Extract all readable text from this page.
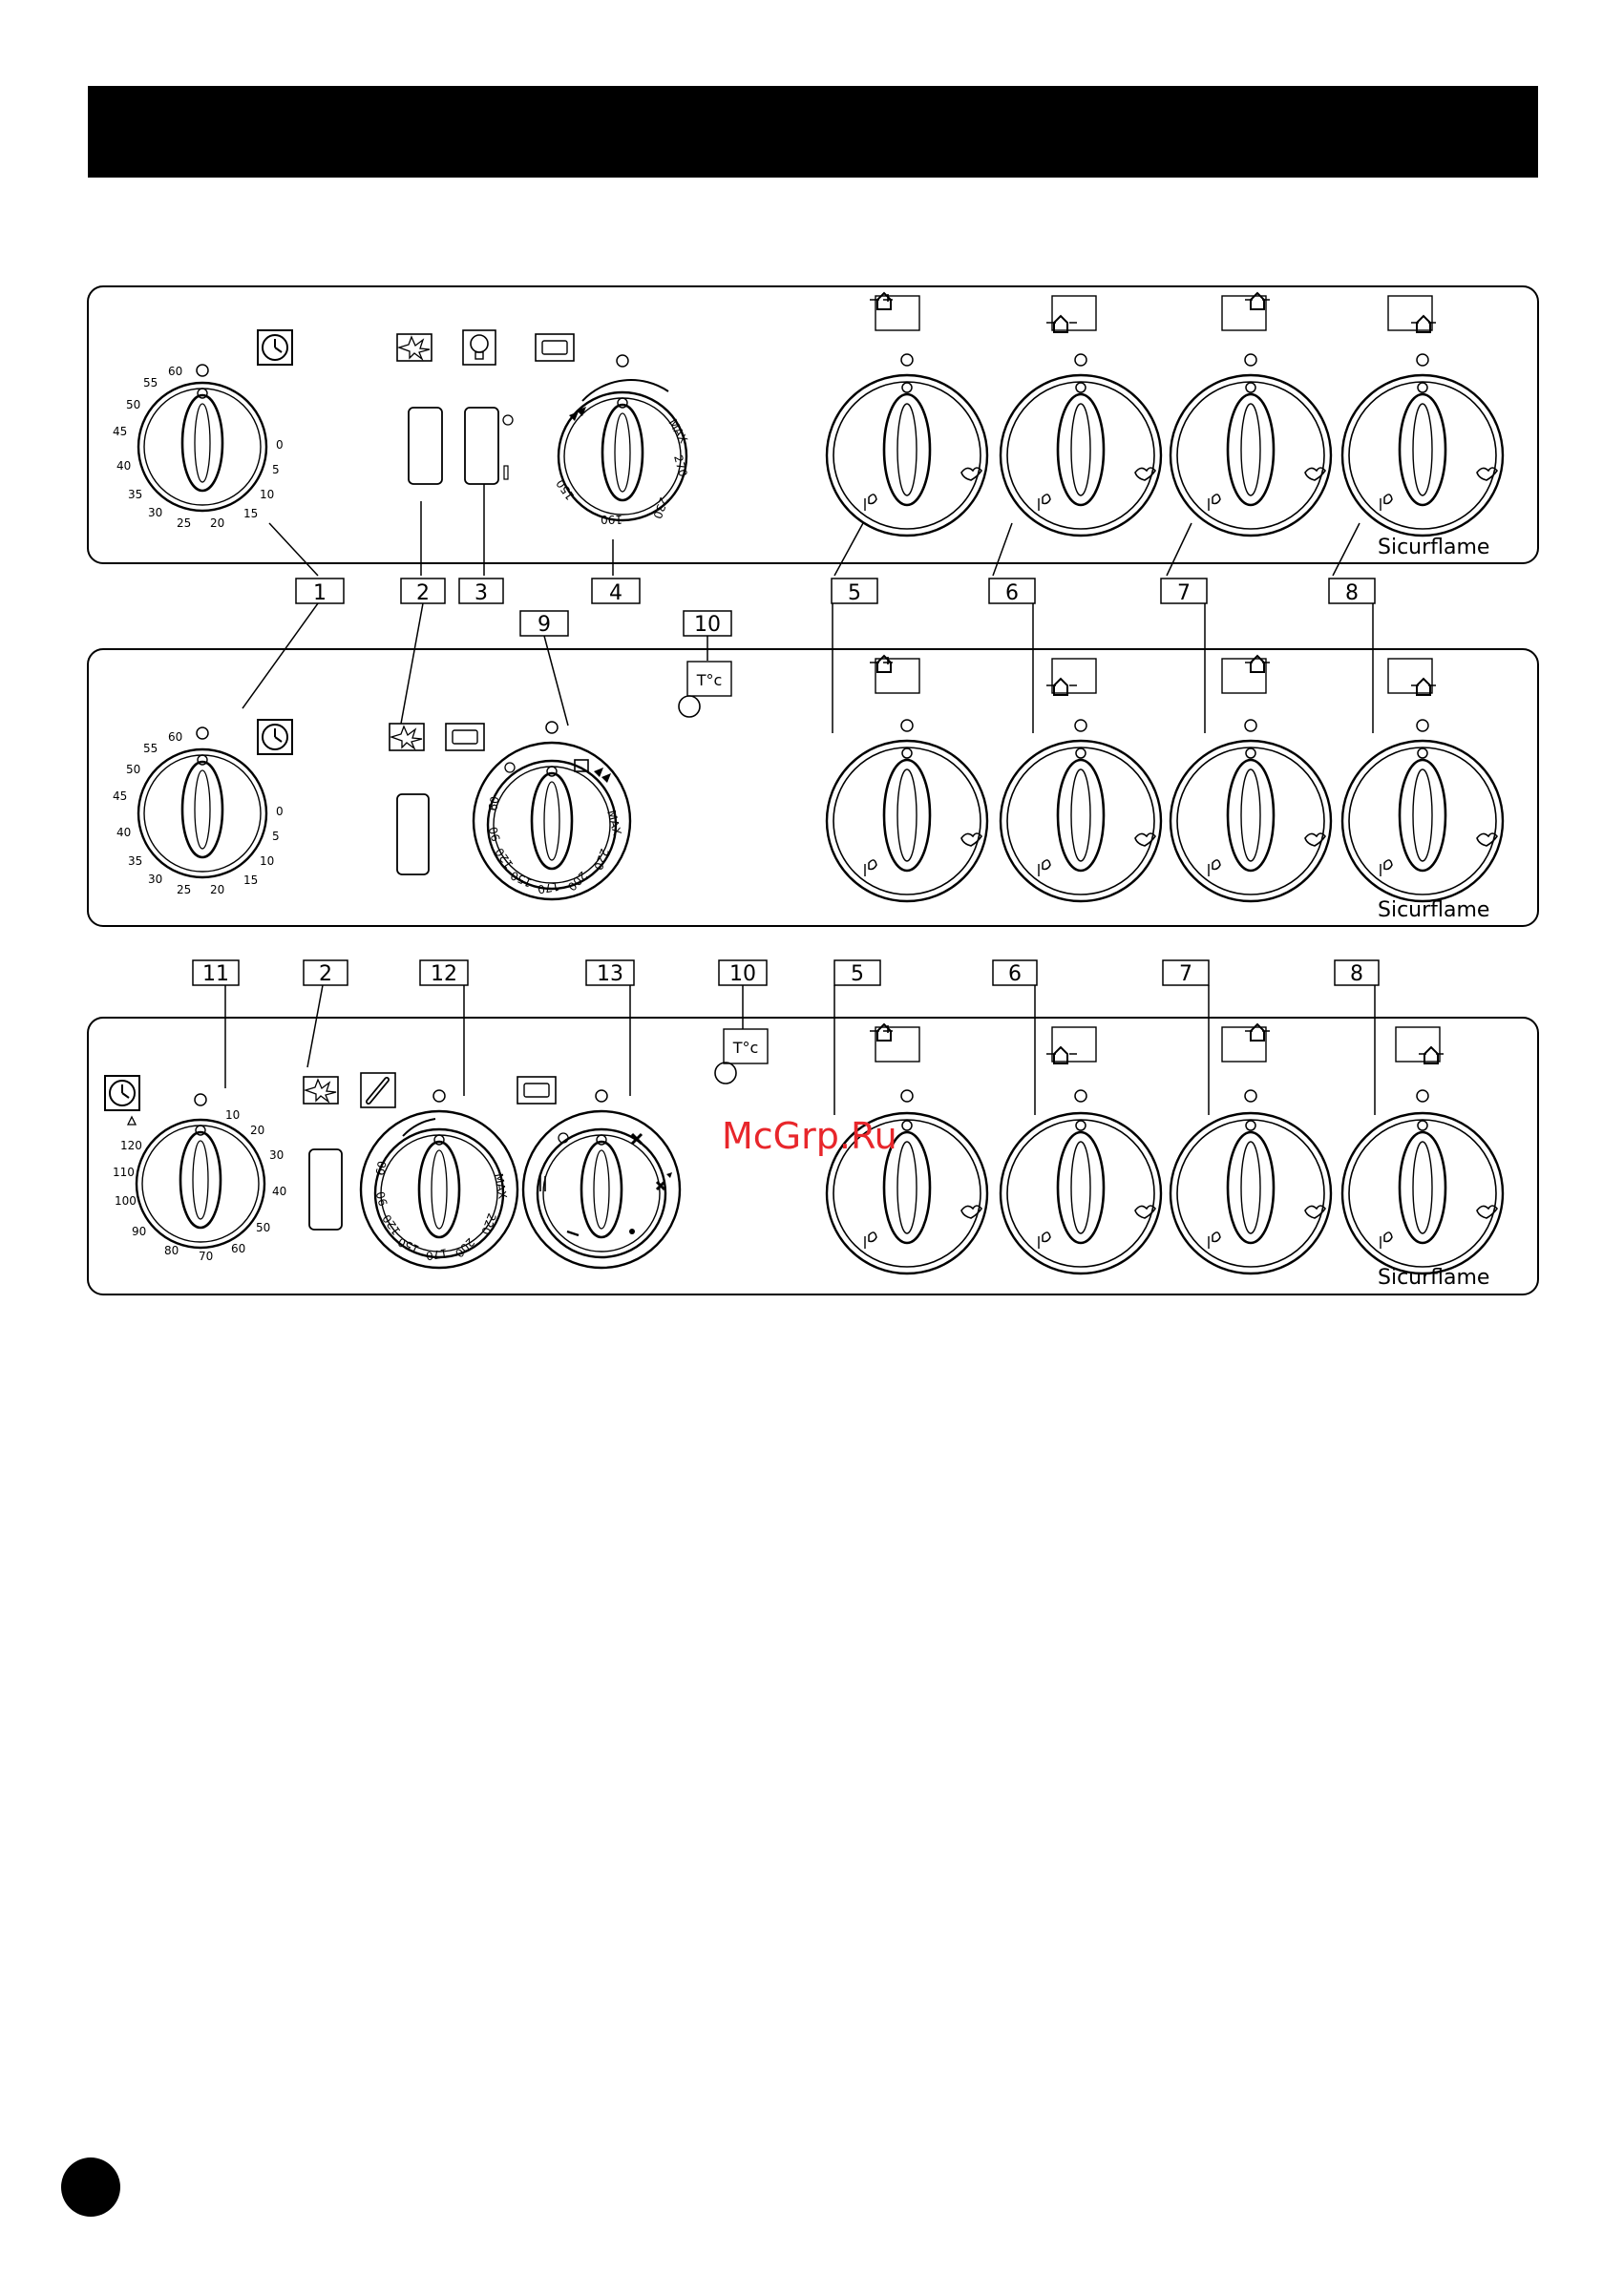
60
55
50
45
40
35
30
25 20
15
10
5
0	MAX
270
230
190
150
Sicurflame
1	2 3	4	5	6	7	8
9	10
60
55
50
45
40
35
30
25 20
15
10
5
0	MAX
220
200
170
150
120
90
60
T°c
Sicurflame
11	2	12	13	10	5	6	7	8
10
20
30
40
50
60
70
80
90
100
110
120
MAX
220
200
170
150
120
90
60
T°c
Sicurflame
McGrp.Ru
